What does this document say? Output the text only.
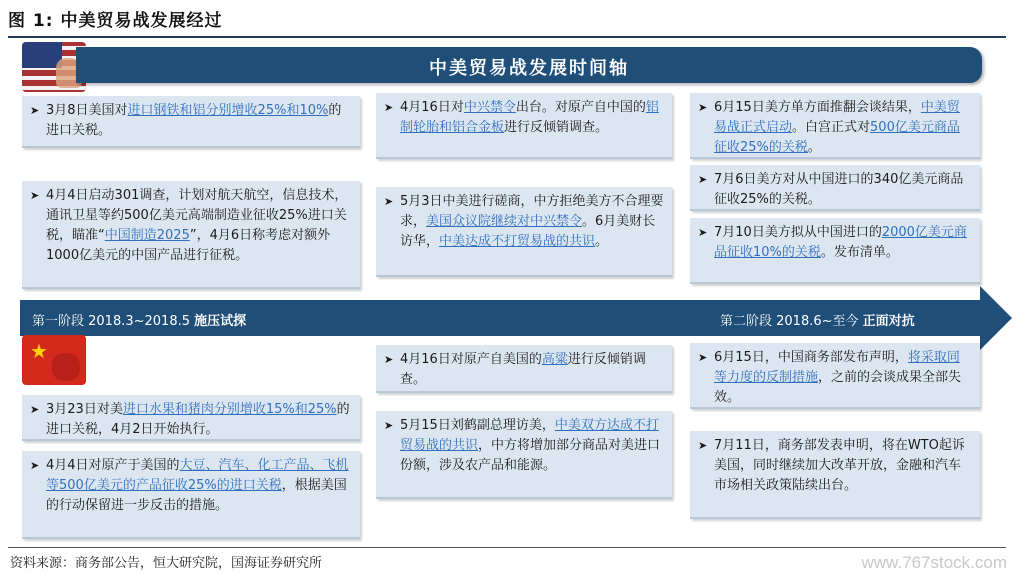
图 1: 中美贸易战发展经过
中美贸易战发展时间轴
➤ 3月8日美国对进口钢铁和铝分别增收25%和10%的进口关税。
➤ 4月4日启动301调查，计划对航天航空，信息技术，通讯卫星等约500亿美元高端制造业征收25%进口关税，瞄准“中国制造2025”，4月6日称考虑对额外1000亿美元的中国产品进行征税。
➤ 4月16日对中兴禁令出台。对原产自中国的铝制轮胎和铝合金板进行反倾销调查。
➤ 5月3日中美进行磋商，中方拒绝美方不合理要求，美国众议院继续对中兴禁令。6月美财长访华，中美达成不打贸易战的共识。
➤ 6月15日美方单方面推翻会谈结果，中美贸易战正式启动。白宫正式对500亿美元商品征收25%的关税。
➤ 7月6日美方对从中国进口的340亿美元商品征收25%的关税。
➤ 7月10日美方拟从中国进口的2000亿美元商品征收10%的关税。发布清单。
第一阶段 2018.3~2018.5 施压试探	第二阶段 2018.6~至今 正面对抗
★
➤ 3月23日对美进口水果和猪肉分别增收15%和25%的进口关税，4月2日开始执行。
➤ 4月4日对原产于美国的大豆、汽车、化工产品、飞机等500亿美元的产品征收25%的进口关税，根据美国的行动保留进一步反击的措施。
➤ 4月16日对原产自美国的高粱进行反倾销调查。
➤ 5月15日刘鹤副总理访美，中美双方达成不打贸易战的共识，中方将增加部分商品对美进口份额，涉及农产品和能源。
➤ 6月15日，中国商务部发布声明，将采取同等力度的反制措施，之前的会谈成果全部失效。
➤ 7月11日，商务部发表申明，将在WTO起诉美国，同时继续加大改革开放，金融和汽车市场相关政策陆续出台。
资料来源：商务部公告，恒大研究院，国海证券研究所	www.767stock.com
